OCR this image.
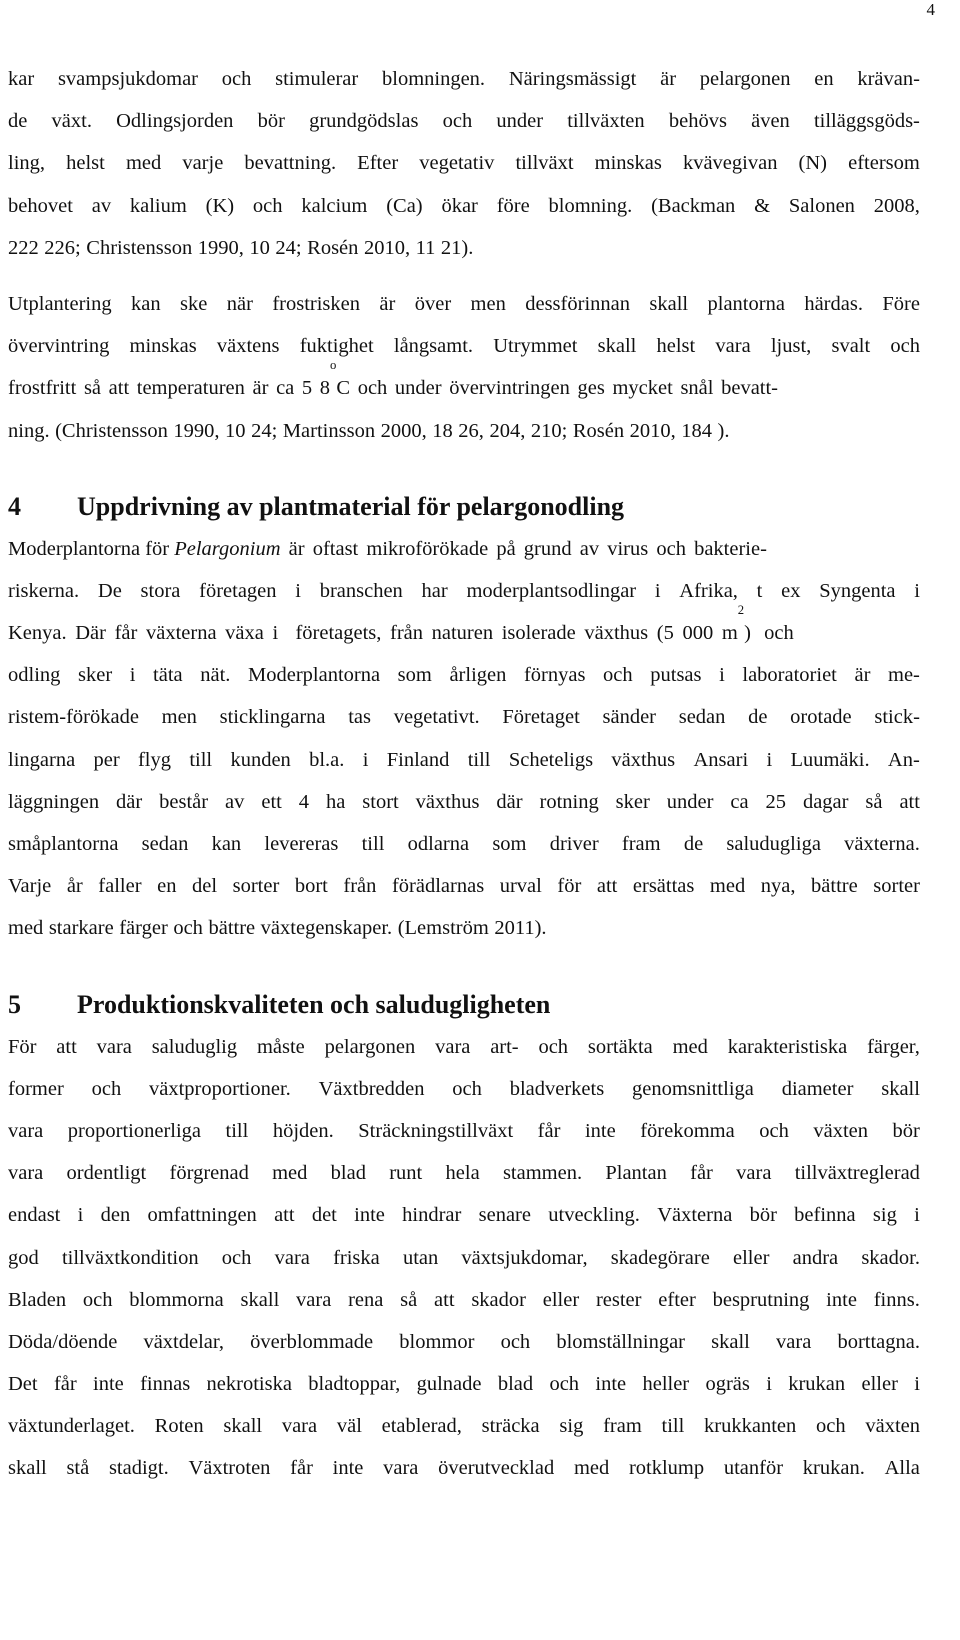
4
kar svampsjukdomar och stimulerar blomningen. Näringsmässigt är pelargonen en krävan-
de växt. Odlingsjorden bör grundgödslas och under tillväxten behövs även tilläggsgöds-
ling, helst med varje bevattning. Efter vegetativ tillväxt minskas kvävegivan (N) eftersom
behovet av kalium (K) och kalcium (Ca) ökar före blomning. (Backman & Salonen 2008,
222 226; Christensson 1990, 10 24; Rosén 2010, 11 21).
Utplantering kan ske när frostrisken är över men dessförinnan skall plantorna härdas. Före
övervintring minskas växtens fuktighet långsamt. Utrymmet skall helst vara ljust, svalt och
frostfritt så att temperaturen är ca 5 8
$^o$
C och under övervintringen ges mycket snål bevatt-
ning. (Christensson 1990, 10 24; Martinsson 2000, 18 26, 204, 210; Rosén 2010, 184 ).
4	Uppdrivning av plantmaterial för pelargonodling
Moderplantorna för Pelargonium är oftast mikroförökade på grund av virus och bakterie-
riskerna. De stora företagen i branschen har moderplantsodlingar i Afrika, t ex Syngenta i
Kenya. Där får växterna växa i  företagets, från naturen isolerade växthus (5 000 m
$^2$
) och
odling sker i täta nät. Moderplantorna som årligen förnyas och putsas i laboratoriet är me-
ristem-förökade men sticklingarna tas vegetativt. Företaget sänder sedan de orotade stick-
lingarna per flyg till kunden bl.a. i Finland till Scheteligs växthus Ansari i Luumäki. An-
läggningen där består av ett 4 ha stort växthus där rotning sker under ca 25 dagar så att
småplantorna sedan kan levereras till odlarna som driver fram de saludugliga växterna.
Varje år faller en del sorter bort från förädlarnas urval för att ersättas med nya, bättre sorter
med starkare färger och bättre växtegenskaper. (Lemström 2011).
5	Produktionskvaliteten och saludugligheten
För att vara saluduglig måste pelargonen vara art- och sortäkta med karakteristiska färger,
former och växtproportioner. Växtbredden och bladverkets genomsnittliga diameter skall
vara proportionerliga till höjden. Sträckningstillväxt får inte förekomma och växten bör
vara ordentligt förgrenad med blad runt hela stammen. Plantan får vara tillväxtreglerad
endast i den omfattningen att det inte hindrar senare utveckling. Växterna bör befinna sig i
god tillväxtkondition och vara friska utan växtsjukdomar, skadegörare eller andra skador.
Bladen och blommorna skall vara rena så att skador eller rester efter besprutning inte finns.
Döda/döende växtdelar, överblommade blommor och blomställningar skall vara borttagna.
Det får inte finnas nekrotiska bladtoppar, gulnade blad och inte heller ogräs i krukan eller i
växtunderlaget. Roten skall vara väl etablerad, sträcka sig fram till krukkanten och växten
skall stå stadigt. Växtroten får inte vara överutvecklad med rotklump utanför krukan. Alla
